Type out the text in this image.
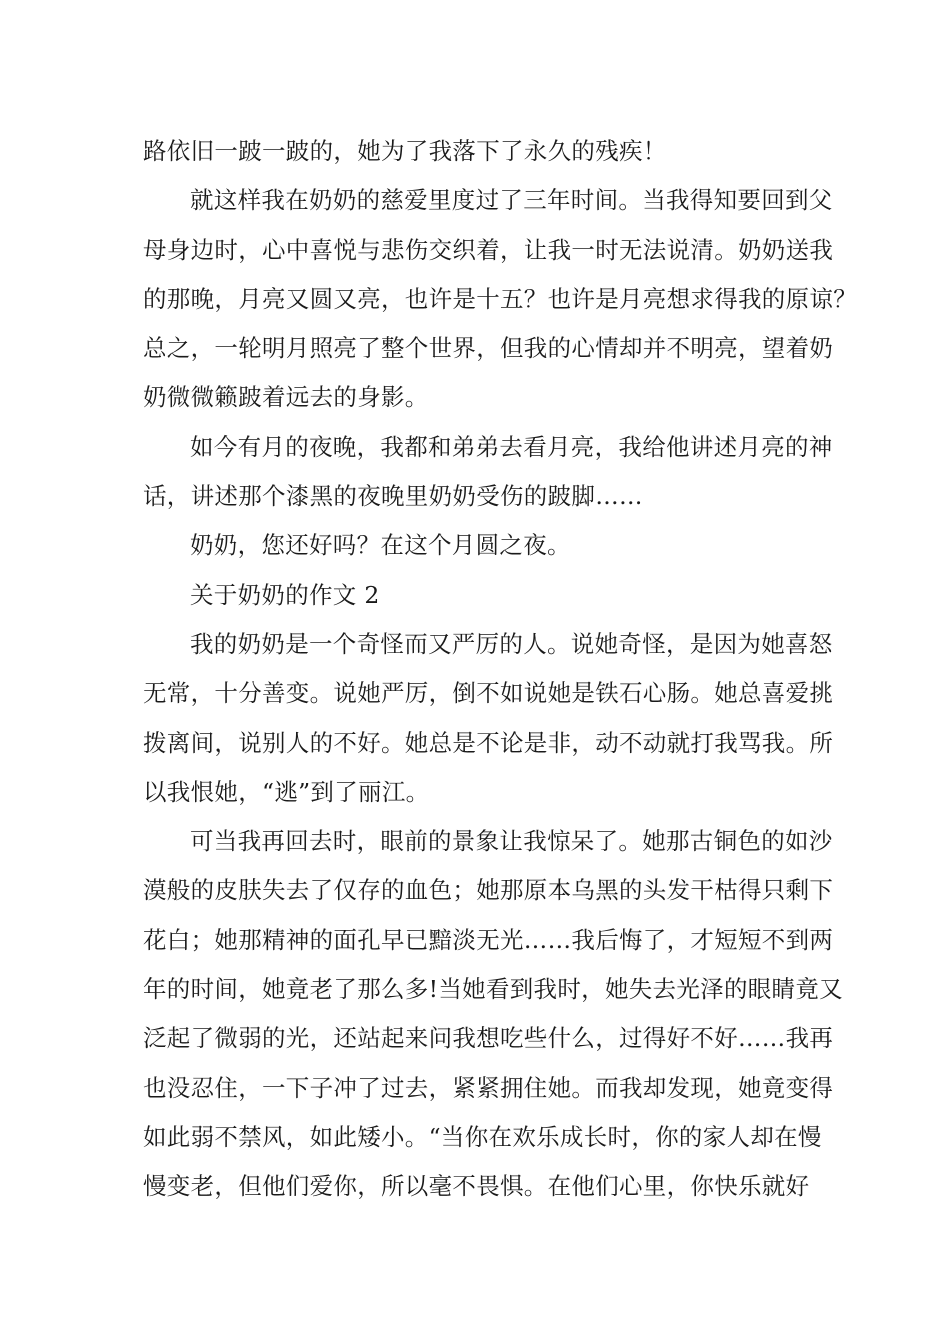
路依旧一跛一跛的，她为了我落下了永久的残疾！
就这样我在奶奶的慈爱里度过了三年时间。当我得知要回到父
母身边时，心中喜悦与悲伤交织着，让我一时无法说清。奶奶送我
的那晚，月亮又圆又亮，也许是十五？也许是月亮想求得我的原谅？
总之，一轮明月照亮了整个世界，但我的心情却并不明亮，望着奶
奶微微籁跛着远去的身影。
如今有月的夜晚，我都和弟弟去看月亮，我给他讲述月亮的神
话，讲述那个漆黑的夜晚里奶奶受伤的跛脚……
奶奶，您还好吗？在这个月圆之夜。
关于奶奶的作文 2
我的奶奶是一个奇怪而又严厉的人。说她奇怪，是因为她喜怒
无常，十分善变。说她严厉，倒不如说她是铁石心肠。她总喜爱挑
拨离间，说别人的不好。她总是不论是非，动不动就打我骂我。所
以我恨她，“逃”到了丽江。
可当我再回去时，眼前的景象让我惊呆了。她那古铜色的如沙
漠般的皮肤失去了仅存的血色；她那原本乌黑的头发干枯得只剩下
花白；她那精神的面孔早已黯淡无光……我后悔了，才短短不到两
年的时间，她竟老了那么多!当她看到我时，她失去光泽的眼睛竟又
泛起了微弱的光，还站起来问我想吃些什么，过得好不好……我再
也没忍住，一下子冲了过去，紧紧拥住她。而我却发现，她竟变得
如此弱不禁风，如此矮小。“当你在欢乐成长时，你的家人却在慢
慢变老，但他们爱你，所以毫不畏惧。在他们心里，你快乐就好
